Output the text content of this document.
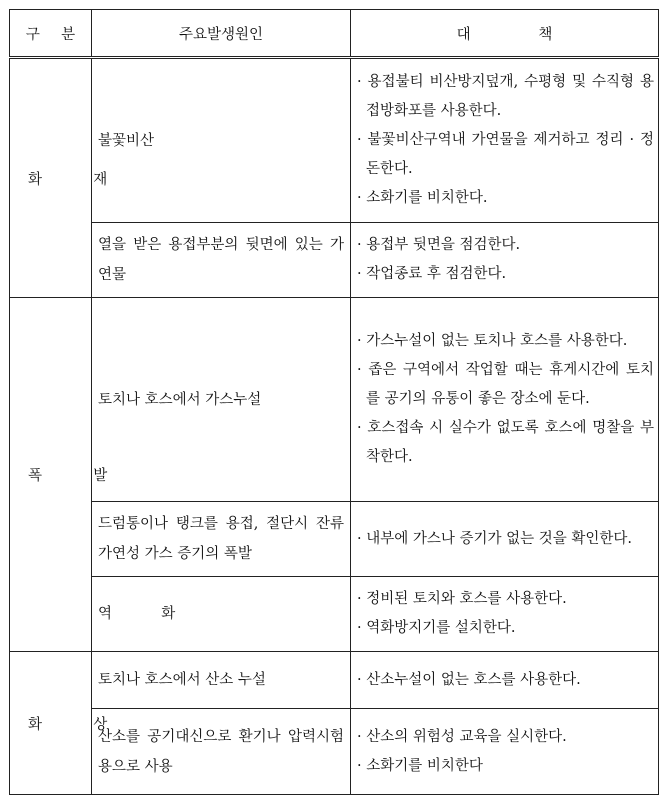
구  분	주요발생원인	대   책
화  재	불꽃비산	· 용접불티 비산방지덮개, 수평형 및 수직형 용접방화포를 사용한다.
· 불꽃비산구역내 가연물을 제거하고 정리 · 정돈한다.
· 소화기를 비치한다.

	열을 받은 용접부분의 뒷면에 있는 가연물	· 용접부 뒷면을 점검한다.
· 작업종료 후 점검한다.

폭  발	토치나 호스에서 가스누설	· 가스누설이 없는 토치나 호스를 사용한다.
· 좁은 구역에서 작업할 때는 휴게시간에 토치를 공기의 유통이 좋은 장소에 둔다.
· 호스접속 시 실수가 없도록 호스에 명찰을 부착한다.

	드럼통이나 탱크를 용접, 절단시 잔류 가연성 가스 증기의 폭발	· 내부에 가스나 증기가 없는 것을 확인한다.

	역  화	· 정비된 토치와 호스를 사용한다.
· 역화방지기를 설치한다.

화  상	토치나 호스에서 산소 누설	· 산소누설이 없는 호스를 사용한다.

	산소를 공기대신으로 환기나 압력시험용으로 사용	· 산소의 위험성 교육을 실시한다.
· 소화기를 비치한다
